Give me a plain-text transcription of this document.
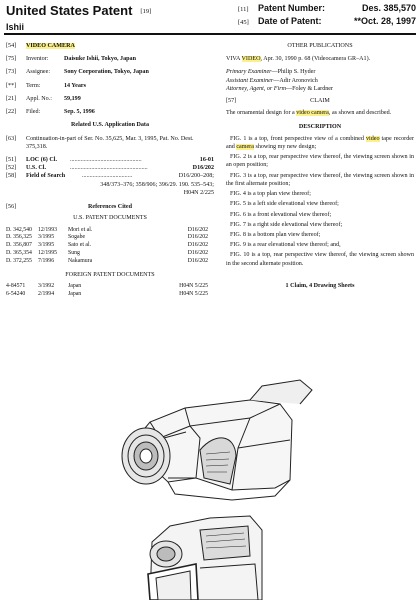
United States Patent [19]
Ishii
[11]	Patent Number:	Des. 385,570
[45]	Date of Patent:	**Oct. 28, 1997
[54]	VIDEO CAMERA
[75]	Inventor:	Daisuke Ishii, Tokyo, Japan
[73]	Assignee:	Sony Corporation, Tokyo, Japan
[**]	Term:	14 Years
[21]	Appl. No.:	59,199
[22]	Filed:	Sep. 5, 1996
Related U.S. Application Data
[63]	Continuation-in-part of Ser. No. 35,625, Mar. 3, 1995, Pat. No. Dest. 375,318.
[51]	LOC (6) Cl.	...............................................	16-01
[52]	U.S. Cl.	...................................................	D16/202
[58]	Field of Search	.................................	D16/200–208;
348/373–376; 358/906; 396/29. 190. 535–543;
H04N 2/225
[56]	References Cited
U.S. PATENT DOCUMENTS
D. 342,540	12/1993	Mori et al.	D16/202
D. 356,325	3/1995	Sogabe	D16/202
D. 356,807	3/1995	Sato et al.	D16/202
D. 365,354	12/1995	Sung	D16/202
D. 372,255	7/1996	Nakamura	D16/202
FOREIGN PATENT DOCUMENTS
4-84571	3/1992	Japan	H04N 5/225
6-54240	2/1994	Japan	H04N 5/225
OTHER PUBLICATIONS

VIVA VIDEO, Apr. 30, 1990 p. 68 (Videocamera GR–A1).

Primary Examiner—Philip S. Hyder
Assistant Examiner—Adir Aronovich
Attorney, Agent, or Firm—Foley & Lardner
[57]	CLAIM

The ornamental design for a video camera, as shown and described.

DESCRIPTION

FIG. 1 is a top, front perspective view of a combined video tape recorder and camera showing my new design;

FIG. 2 is a top, rear perspective view thereof, the viewing screen shown in an open position;

FIG. 3 is a top, rear perspective view thereof, the viewing screen shown in the first alternate position;

FIG. 4 is a top plan view thereof;

FIG. 5 is a left side elevational view thereof;

FIG. 6 is a front elevational view thereof;

FIG. 7 is a right side elevational view thereof;

FIG. 8 is a bottom plan view thereof;

FIG. 9 is a rear elevational view thereof; and,

FIG. 10 is a top, rear perspective view thereof, the viewing screen shown in the second alternate position.

1 Claim, 4 Drawing Sheets
